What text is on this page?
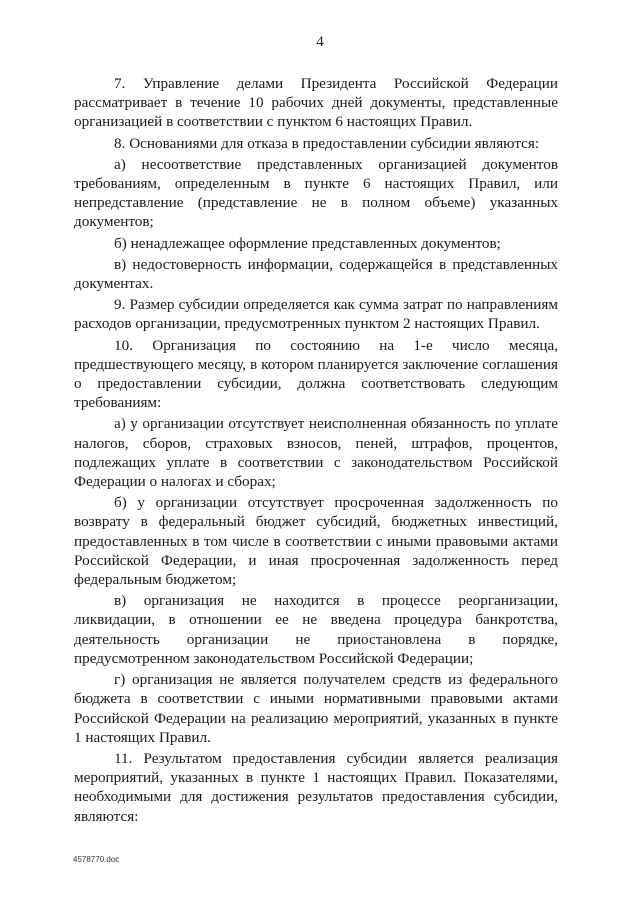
4

7. Управление делами Президента Российской Федерации рассматривает в течение 10 рабочих дней документы, представленные организацией в соответствии с пунктом 6 настоящих Правил.

8. Основаниями для отказа в предоставлении субсидии являются:

а) несоответствие представленных организацией документов требованиям, определенным в пункте 6 настоящих Правил, или непредставление (представление не в полном объеме) указанных документов;

б) ненадлежащее оформление представленных документов;

в) недостоверность информации, содержащейся в представленных документах.

9. Размер субсидии определяется как сумма затрат по направлениям расходов организации, предусмотренных пунктом 2 настоящих Правил.

10. Организация по состоянию на 1-е число месяца, предшествующего месяцу, в котором планируется заключение соглашения о предоставлении субсидии, должна соответствовать следующим требованиям:

а) у организации отсутствует неисполненная обязанность по уплате налогов, сборов, страховых взносов, пеней, штрафов, процентов, подлежащих уплате в соответствии с законодательством Российской Федерации о налогах и сборах;

б) у организации отсутствует просроченная задолженность по возврату в федеральный бюджет субсидий, бюджетных инвестиций, предоставленных в том числе в соответствии с иными правовыми актами Российской Федерации, и иная просроченная задолженность перед федеральным бюджетом;

в) организация не находится в процессе реорганизации, ликвидации, в отношении ее не введена процедура банкротства, деятельность организации не приостановлена в порядке, предусмотренном законодательством Российской Федерации;

г) организация не является получателем средств из федерального бюджета в соответствии с иными нормативными правовыми актами Российской Федерации на реализацию мероприятий, указанных в пункте 1 настоящих Правил.

11. Результатом предоставления субсидии является реализация мероприятий, указанных в пункте 1 настоящих Правил. Показателями, необходимыми для достижения результатов предоставления субсидии, являются:

4578770.doc
